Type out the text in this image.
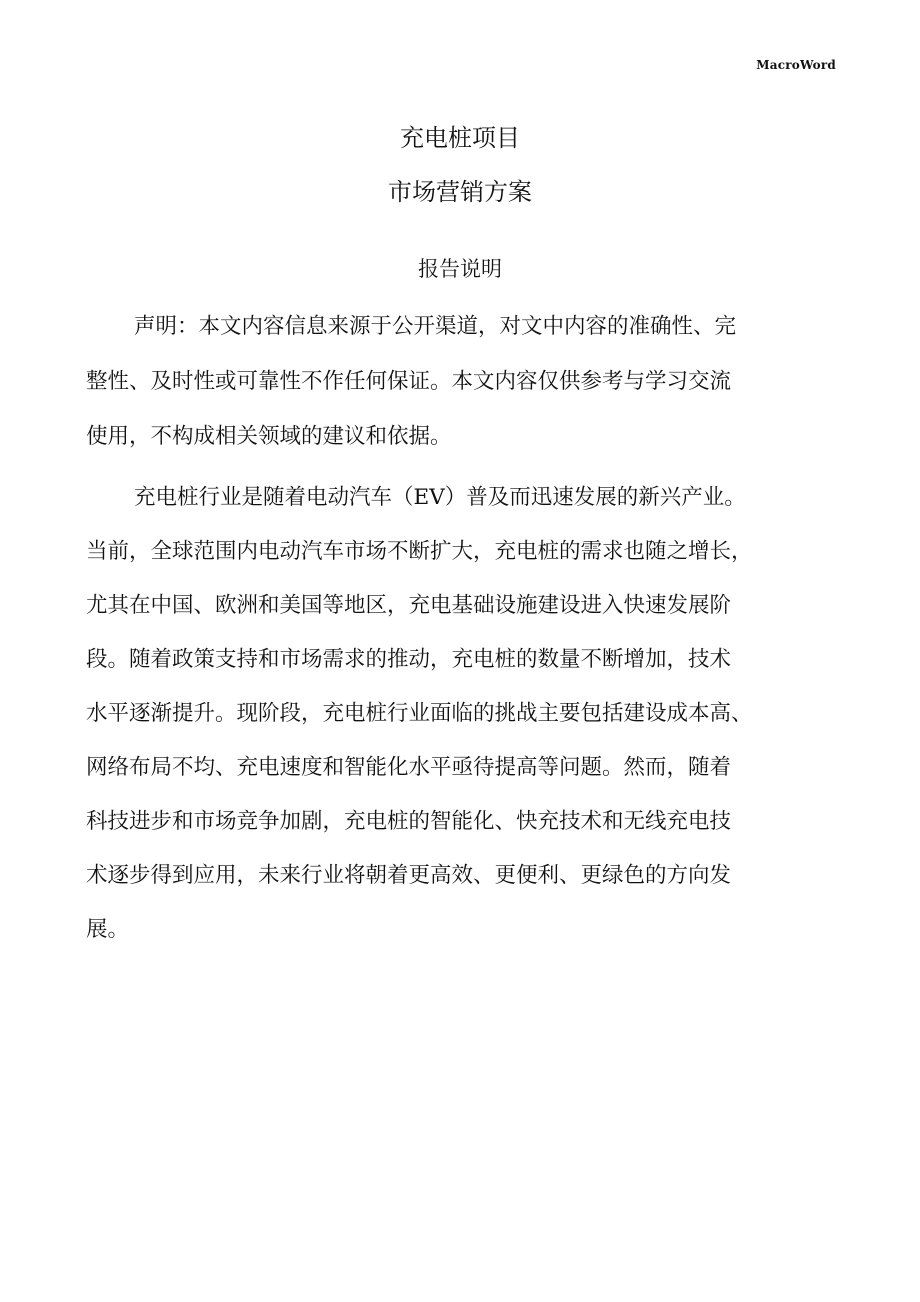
MacroWord
充电桩项目
市场营销方案
报告说明
声明：本文内容信息来源于公开渠道，对文中内容的准确性、完
整性、及时性或可靠性不作任何保证。本文内容仅供参考与学习交流
使用，不构成相关领域的建议和依据。
充电桩行业是随着电动汽车（EV）普及而迅速发展的新兴产业。
当前，全球范围内电动汽车市场不断扩大，充电桩的需求也随之增长，
尤其在中国、欧洲和美国等地区，充电基础设施建设进入快速发展阶
段。随着政策支持和市场需求的推动，充电桩的数量不断增加，技术
水平逐渐提升。现阶段，充电桩行业面临的挑战主要包括建设成本高、
网络布局不均、充电速度和智能化水平亟待提高等问题。然而，随着
科技进步和市场竞争加剧，充电桩的智能化、快充技术和无线充电技
术逐步得到应用，未来行业将朝着更高效、更便利、更绿色的方向发
展。
